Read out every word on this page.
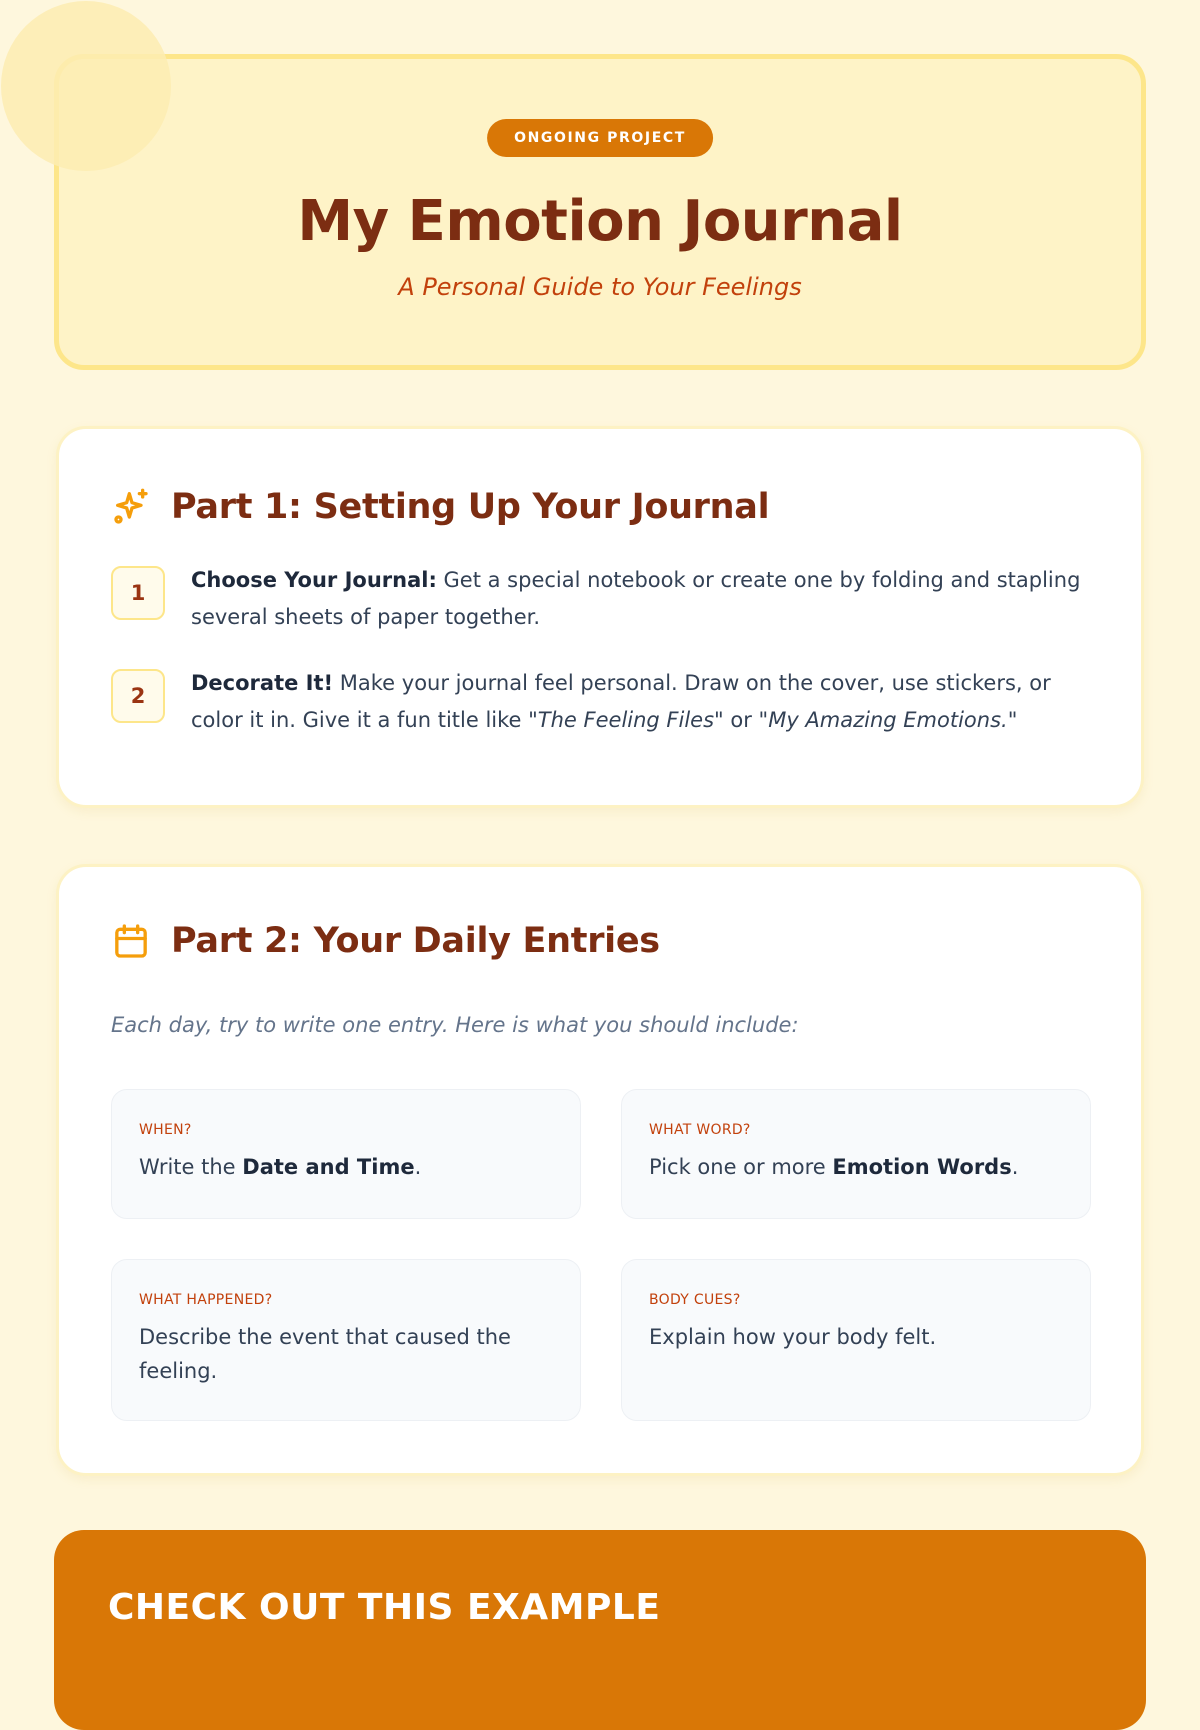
ONGOING PROJECT
My Emotion Journal
A Personal Guide to Your Feelings
Part 1: Setting Up Your Journal
1

Choose Your Journal: Get a special notebook or create one by folding and stapling several sheets of paper together.

2

Decorate It! Make your journal feel personal. Draw on the cover, use stickers, or color it in. Give it a fun title like "The Feeling Files" or "My Amazing Emotions."

Part 2: Your Daily Entries

Each day, try to write one entry. Here is what you should include:

WHEN?

Write the Date and Time.

WHAT WORD?

Pick one or more Emotion Words.

WHAT HAPPENED?

Describe the event that caused the feeling.

BODY CUES?

Explain how your body felt.

CHECK OUT THIS EXAMPLE
